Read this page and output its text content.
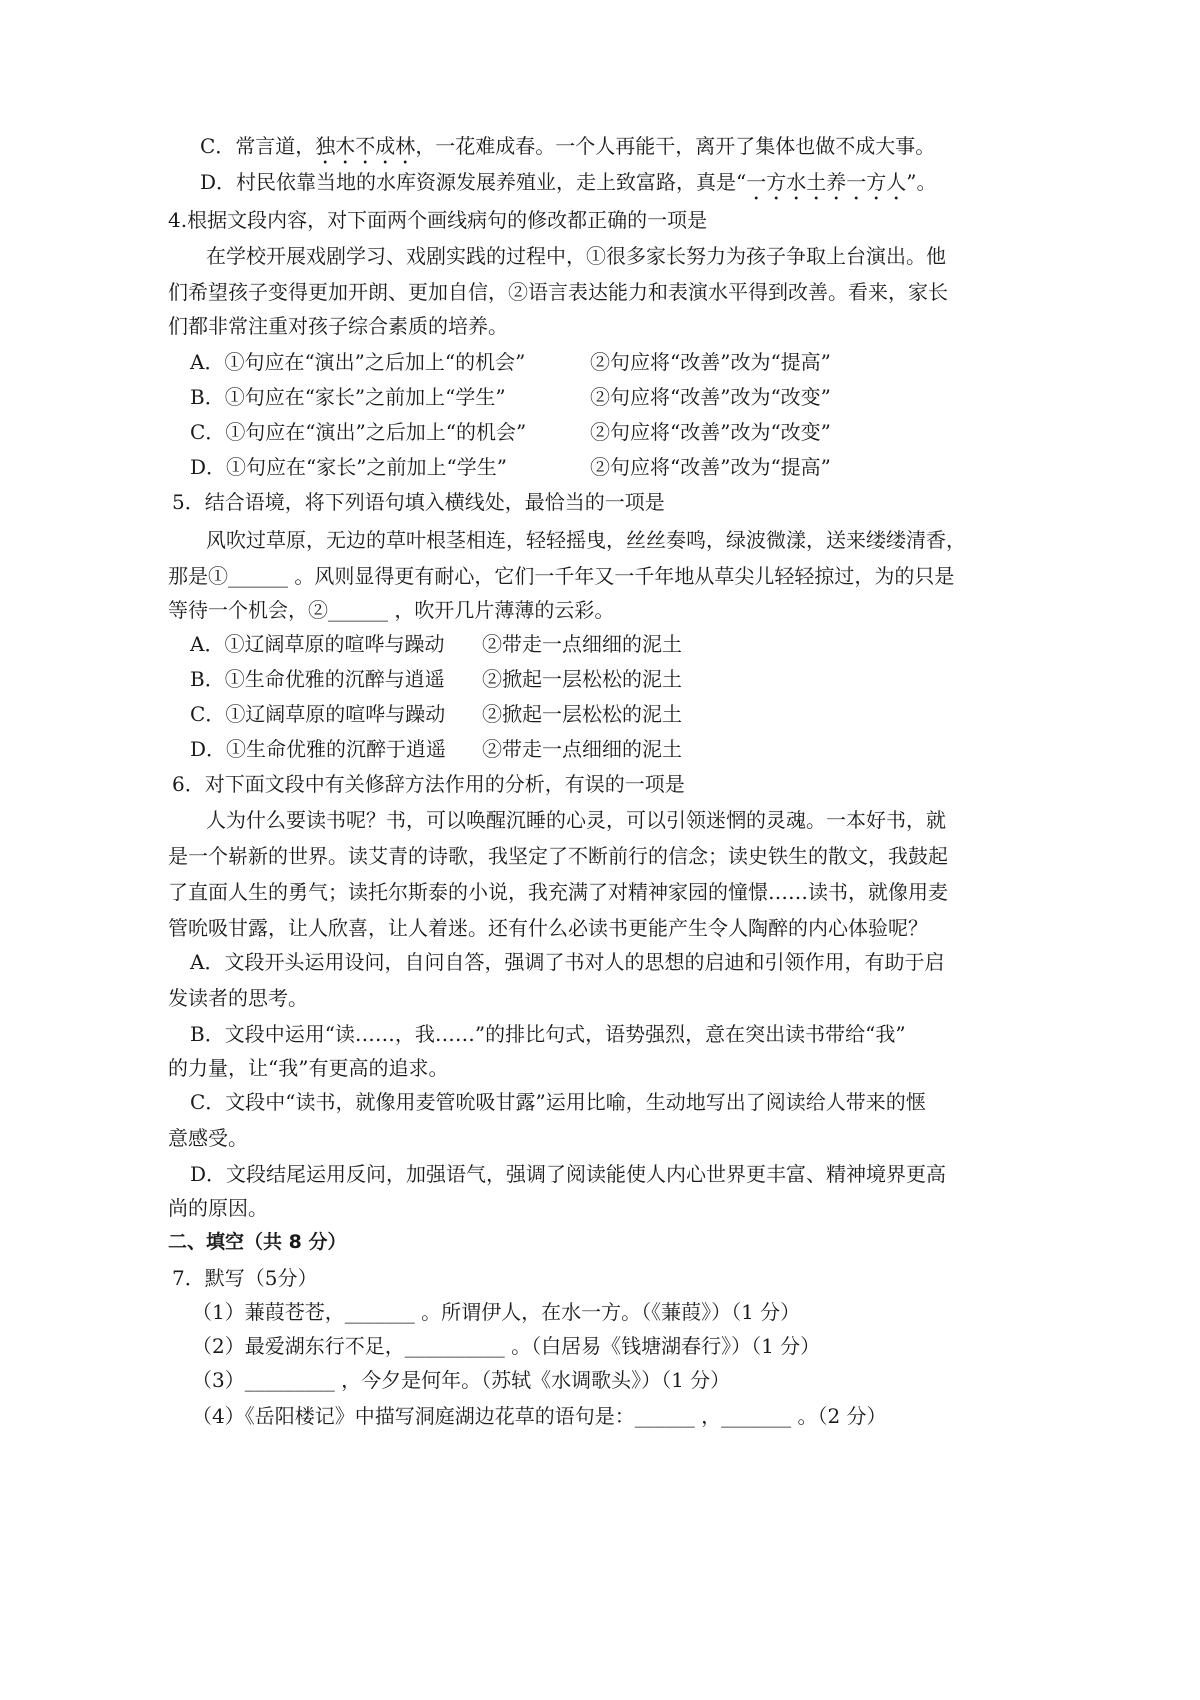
C．常言道，独木不成林，一花难成春。一个人再能干，离开了集体也做不成大事。
D．村民依靠当地的水库资源发展养殖业，走上致富路，真是“一方水土养一方人”。
4.根据文段内容，对下面两个画线病句的修改都正确的一项是
在学校开展戏剧学习、戏剧实践的过程中，①很多家长努力为孩子争取上台演出。他
们希望孩子变得更加开朗、更加自信，②语言表达能力和表演水平得到改善。看来，家长
们都非常注重对孩子综合素质的培养。
A．①句应在“演出”之后加上“的机会”	②句应将“改善”改为“提高”
B．①句应在“家长”之前加上“学生”	②句应将“改善”改为“改变”
C．①句应在“演出”之后加上“的机会”	②句应将“改善”改为“改变”
D．①句应在“家长”之前加上“学生”	②句应将“改善”改为“提高”
5．结合语境，将下列语句填入横线处，最恰当的一项是
风吹过草原，无边的草叶根茎相连，轻轻摇曳，丝丝奏鸣，绿波微漾，送来缕缕清香，
那是①______ 。风则显得更有耐心，它们一千年又一千年地从草尖儿轻轻掠过，为的只是
等待一个机会，②______ ，吹开几片薄薄的云彩。
A．①辽阔草原的喧哗与躁动 ②带走一点细细的泥土
B．①生命优雅的沉醉与逍遥 ②掀起一层松松的泥土
C．①辽阔草原的喧哗与躁动 ②掀起一层松松的泥土
D．①生命优雅的沉醉于逍遥 ②带走一点细细的泥土
6．对下面文段中有关修辞方法作用的分析，有误的一项是
人为什么要读书呢？书，可以唤醒沉睡的心灵，可以引领迷惘的灵魂。一本好书，就
是一个崭新的世界。读艾青的诗歌，我坚定了不断前行的信念；读史铁生的散文，我鼓起
了直面人生的勇气；读托尔斯泰的小说，我充满了对精神家园的憧憬……读书，就像用麦
管吮吸甘露，让人欣喜，让人着迷。还有什么必读书更能产生令人陶醉的内心体验呢？
A．文段开头运用设问，自问自答，强调了书对人的思想的启迪和引领作用，有助于启
发读者的思考。
B．文段中运用“读……，我……”的排比句式，语势强烈，意在突出读书带给“我”
的力量，让“我”有更高的追求。
C．文段中“读书，就像用麦管吮吸甘露”运用比喻，生动地写出了阅读给人带来的惬
意感受。
D．文段结尾运用反问，加强语气，强调了阅读能使人内心世界更丰富、精神境界更高
尚的原因。
二、填空（共 8 分）
7．默写（5分）
（1）蒹葭苍苍，_______ 。所谓伊人，在水一方。（《蒹葭》）（1 分）
（2）最爱湖东行不足，__________ 。（白居易《钱塘湖春行》）（1 分）
（3）_________ ，今夕是何年。（苏轼《水调歌头》）（1 分）
（4）《岳阳楼记》中描写洞庭湖边花草的语句是：______ ，_______ 。（2 分）
